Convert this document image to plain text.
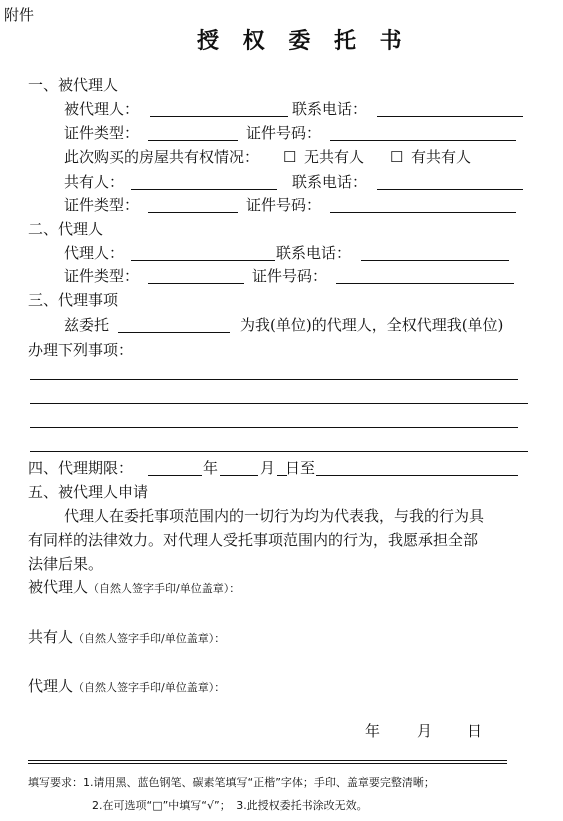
附件
授 权 委 托 书
一、被代理人
被代理人：	联系电话：
证件类型：	证件号码：
此次购买的房屋共有权情况： ☐ 无共有人 ☐ 有共有人
共有人：	联系电话：
证件类型：	证件号码：
二、代理人
代理人：	联系电话：
证件类型：	证件号码：
三、代理事项
兹委托	为我(单位)的代理人，全权代理我(单位)
办理下列事项：
四、代理期限：	年	月 日至
五、被代理人申请
代理人在委托事项范围内的一切行为均为代表我，与我的行为具
有同样的法律效力。对代理人受托事项范围内的行为，我愿承担全部
法律后果。
被代理人（自然人签字手印/单位盖章）：
共有人（自然人签字手印/单位盖章）：
代理人（自然人签字手印/单位盖章）：
年 月 日
填写要求：1.请用黑、蓝色钢笔、碳素笔填写“正楷”字体；手印、盖章要完整清晰；
2.在可选项“□”中填写“√”；　3.此授权委托书涂改无效。
